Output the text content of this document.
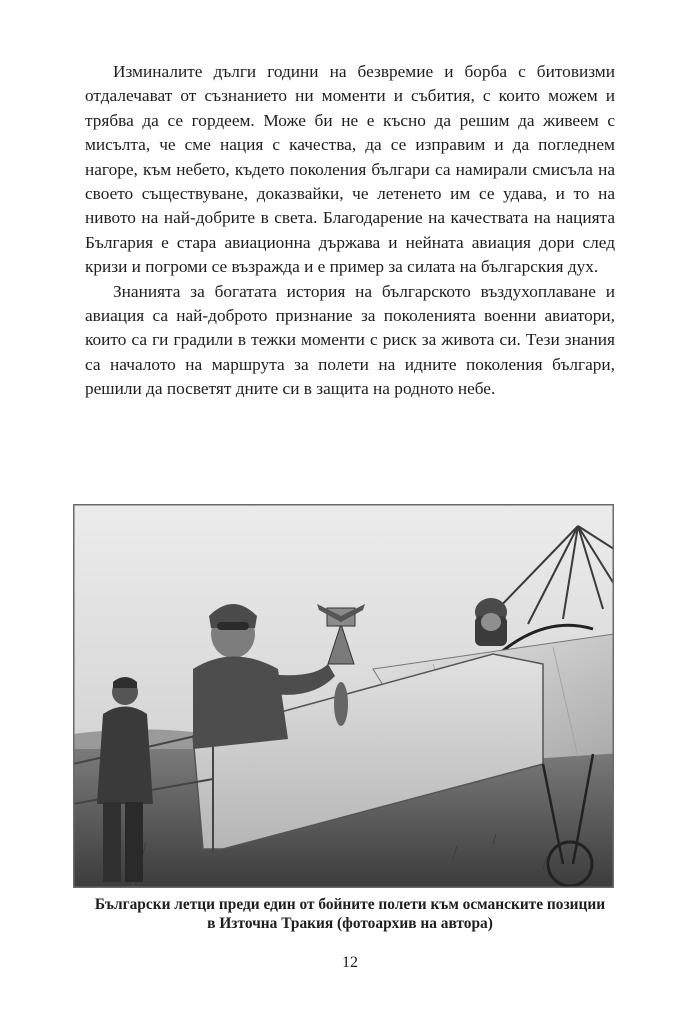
Изминалите дълги години на безвремие и борба с битовизми отдалечават от съзнанието ни моменти и събития, с които можем и трябва да се гордеем. Може би не е късно да решим да живеем с мисълта, че сме нация с качества, да се изправим и да погледнем нагоре, към небето, където поколения българи са намирали смисъла на своето съществуване, доказвайки, че летенето им се удава, и то на нивото на най-добрите в света. Благодарение на качествата на нацията България е стара авиационна държава и нейната авиация дори след кризи и погроми се възражда и е пример за силата на българския дух.

Знанията за богатата история на българското въздухоплаване и авиация са най-доброто признание за поколенията военни авиатори, които са ги градили в тежки моменти с риск за живота си. Тези знания са началото на маршрута за полети на идните поколения българи, решили да посветят дните си в защита на родното небе.

Български летци преди един от бойните полети към османските позиции
в Източна Тракия (фотоархив на автора)
12
